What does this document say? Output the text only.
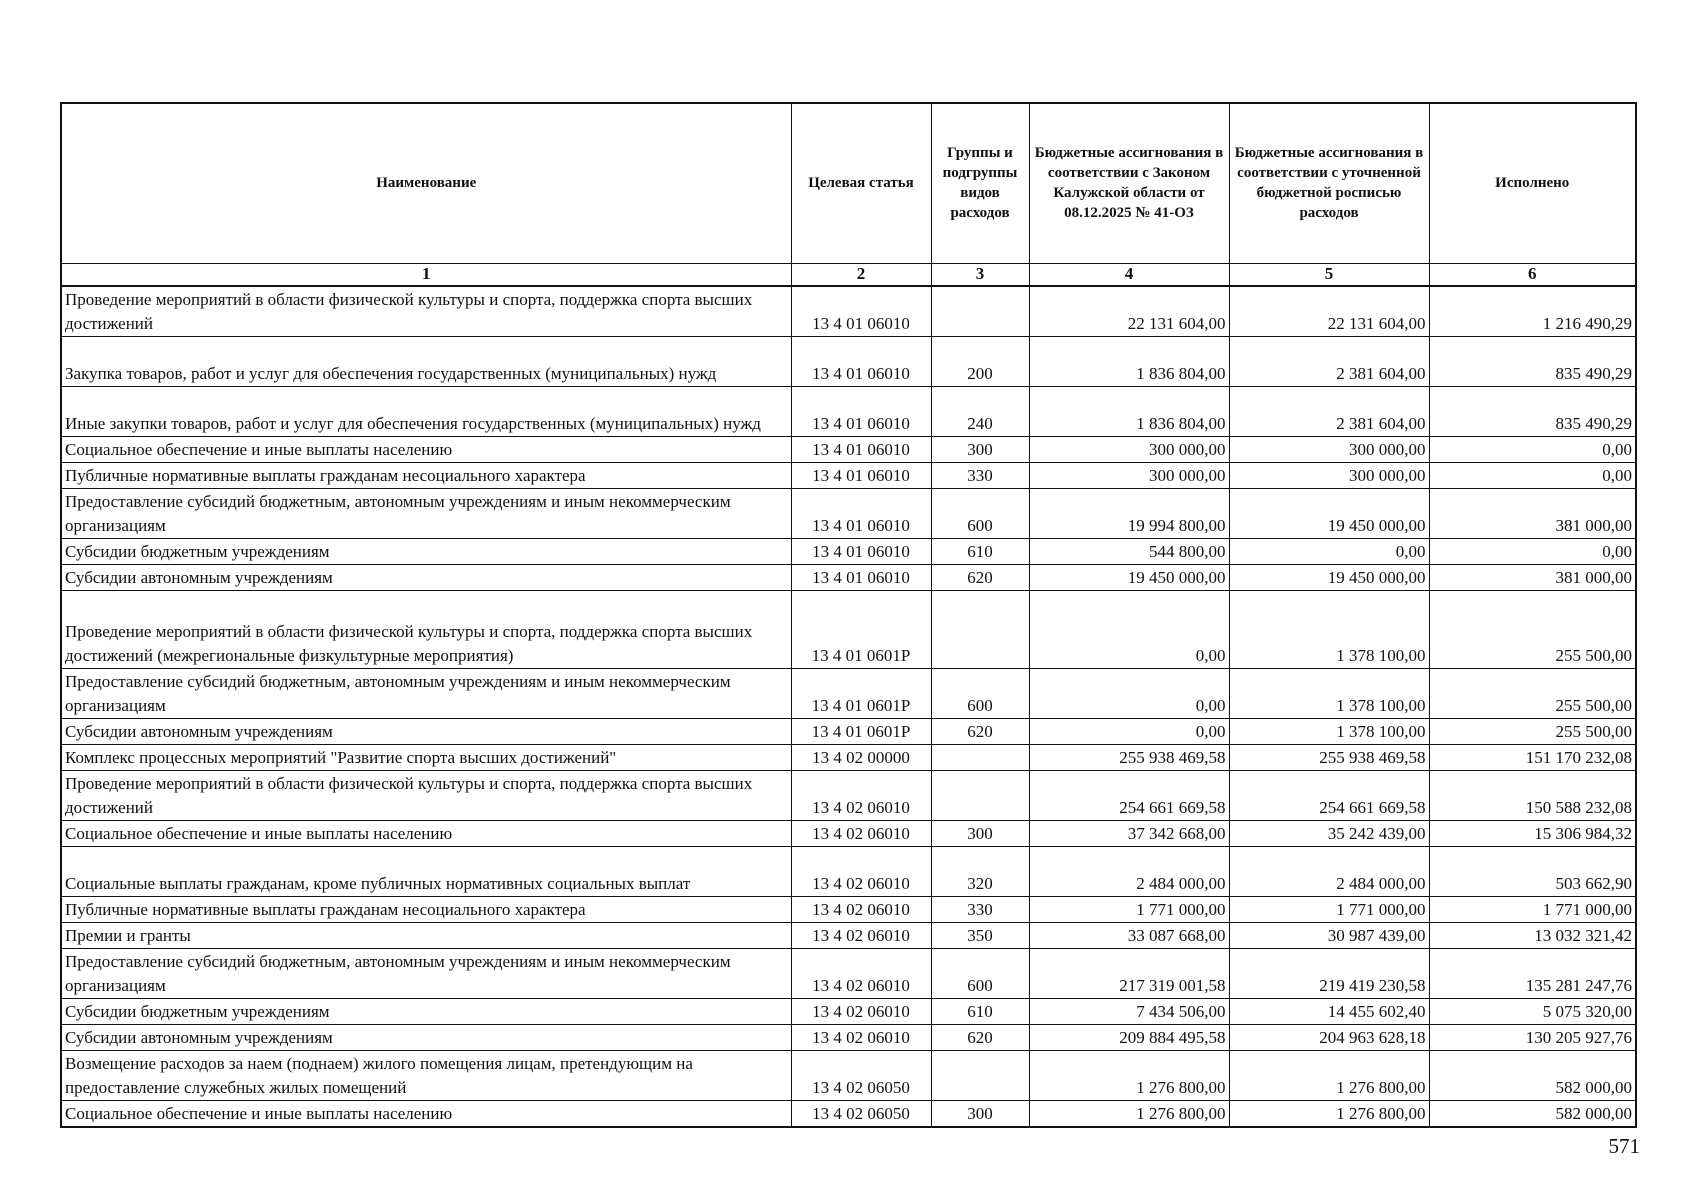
Наименование	Целевая статья	Группы и подгруппы видов расходов	Бюджетные ассигнования в соответствии с Законом Калужской области от 08.12.2025 № 41-ОЗ	Бюджетные ассигнования в соответствии с уточненной бюджетной росписью расходов	Исполнено
1	2	3	4	5	6
Проведение мероприятий в области физической культуры и спорта, поддержка спорта высших достижений	13 4 01 06010		22 131 604,00	22 131 604,00	1 216 490,29
Закупка товаров, работ и услуг для обеспечения государственных (муниципальных) нужд	13 4 01 06010	200	1 836 804,00	2 381 604,00	835 490,29
Иные закупки товаров, работ и услуг для обеспечения государственных (муниципальных) нужд	13 4 01 06010	240	1 836 804,00	2 381 604,00	835 490,29
Социальное обеспечение и иные выплаты населению	13 4 01 06010	300	300 000,00	300 000,00	0,00
Публичные нормативные выплаты гражданам несоциального характера	13 4 01 06010	330	300 000,00	300 000,00	0,00
Предоставление субсидий бюджетным, автономным учреждениям и иным некоммерческим организациям	13 4 01 06010	600	19 994 800,00	19 450 000,00	381 000,00
Субсидии бюджетным учреждениям	13 4 01 06010	610	544 800,00	0,00	0,00
Субсидии автономным учреждениям	13 4 01 06010	620	19 450 000,00	19 450 000,00	381 000,00
Проведение мероприятий в области физической культуры и спорта, поддержка спорта высших достижений (межрегиональные физкультурные мероприятия)	13 4 01 0601P		0,00	1 378 100,00	255 500,00
Предоставление субсидий бюджетным, автономным учреждениям и иным некоммерческим организациям	13 4 01 0601P	600	0,00	1 378 100,00	255 500,00
Субсидии автономным учреждениям	13 4 01 0601P	620	0,00	1 378 100,00	255 500,00
Комплекс процессных мероприятий "Развитие спорта высших достижений"	13 4 02 00000		255 938 469,58	255 938 469,58	151 170 232,08
Проведение мероприятий в области физической культуры и спорта, поддержка спорта высших достижений	13 4 02 06010		254 661 669,58	254 661 669,58	150 588 232,08
Социальное обеспечение и иные выплаты населению	13 4 02 06010	300	37 342 668,00	35 242 439,00	15 306 984,32
Социальные выплаты гражданам, кроме публичных нормативных социальных выплат	13 4 02 06010	320	2 484 000,00	2 484 000,00	503 662,90
Публичные нормативные выплаты гражданам несоциального характера	13 4 02 06010	330	1 771 000,00	1 771 000,00	1 771 000,00
Премии и гранты	13 4 02 06010	350	33 087 668,00	30 987 439,00	13 032 321,42
Предоставление субсидий бюджетным, автономным учреждениям и иным некоммерческим организациям	13 4 02 06010	600	217 319 001,58	219 419 230,58	135 281 247,76
Субсидии бюджетным учреждениям	13 4 02 06010	610	7 434 506,00	14 455 602,40	5 075 320,00
Субсидии автономным учреждениям	13 4 02 06010	620	209 884 495,58	204 963 628,18	130 205 927,76
Возмещение расходов за наем (поднаем) жилого помещения лицам, претендующим на предоставление служебных жилых помещений	13 4 02 06050		1 276 800,00	1 276 800,00	582 000,00
Социальное обеспечение и иные выплаты населению	13 4 02 06050	300	1 276 800,00	1 276 800,00	582 000,00
571
